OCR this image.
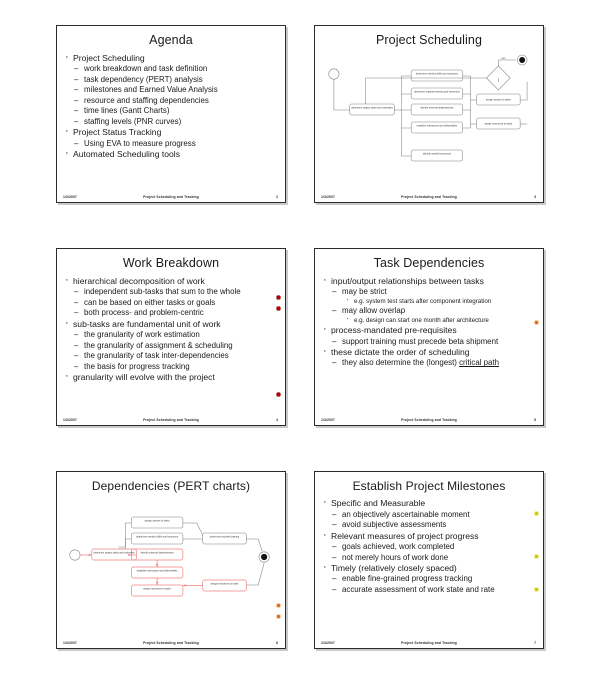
Agenda
· Project Scheduling
– work breakdown and task definition
– task dependency (PERT) analysis
– milestones and Earned Value Analysis
– resource and staffing dependencies
– time lines (Gantt Charts)
– staffing levels (PNR curves)
· Project Status Tracking
– Using EVA to measure progress
· Automated Scheduling tools
1/3/2007	Project Scheduling and Tracking	2
Project Scheduling
yes
determine project tasks and estimates
determine needed skills and resources
determine required training and resources
identify external dependencies
establish milestones and deliverables
identify needed resources
assign owners to tasks
assign resources to tasks
1/3/2007	Project Scheduling and Tracking	3
Work Breakdown
· hierarchical decomposition of work
– independent sub-tasks that sum to the whole
– can be based on either tasks or goals
– both process- and problem-centric
· sub-tasks are fundamental unit of work
– the granularity of work estimation
– the granularity of assignment & scheduling
– the granularity of task inter-dependencies
– the basis for progress tracking
· granularity will evolve with the project
1/3/2007	Project Scheduling and Tracking	4
Task Dependencies
· input/output relationships between tasks
– may be strict
· e.g. system test starts after component integration
– may allow overlap
· e.g. design can start one month after architecture
· process-mandated pre-requisites
– support training must precede beta shipment
· these dictate the order of scheduling
– they also determine the (longest) critical path
1/3/2007	Project Scheduling and Tracking	5
Dependencies (PERT charts)
assign owners to tasks
determine needed skills and resources
determine project tasks and estimates	identify external dependencies
establish milestones and deliverables
assign resources to tasks
determine required training
assign resources to tasks
1/3/2007	Project Scheduling and Tracking	6
Establish Project Milestones
· Specific and Measurable
– an objectively ascertainable moment
– avoid subjective assessments
· Relevant measures of project progress
– goals achieved, work completed
– not merely hours of work done
· Timely (relatively closely spaced)
– enable fine-grained progress tracking
– accurate assessment of work state and rate
1/3/2007	Project Scheduling and Tracking	7
